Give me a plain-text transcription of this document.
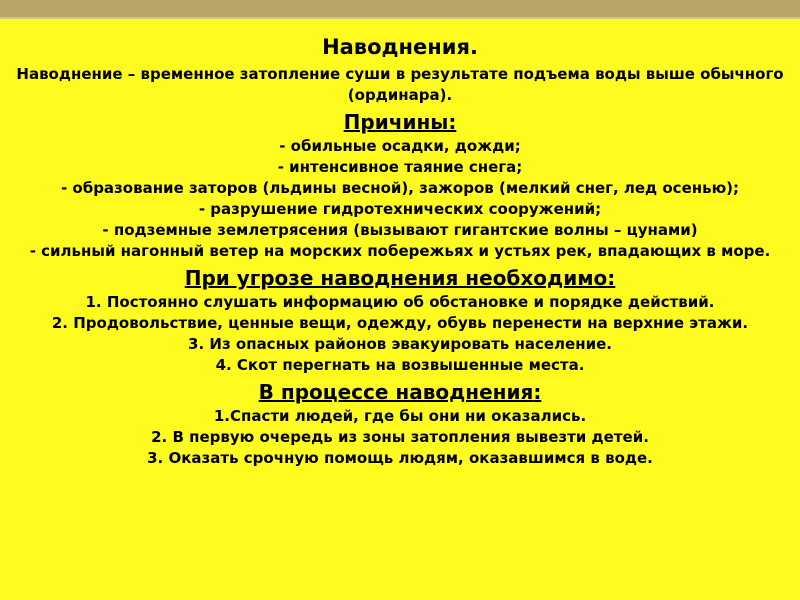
Наводнения.

Наводнение – временное затопление суши в результате подъема воды выше обычного (ординара).

Причины:
- обильные осадки, дожди;
- интенсивное таяние снега;
- образование заторов (льдины весной), зажоров (мелкий снег, лед осенью);
- разрушение гидротехнических сооружений;
- подземные землетрясения (вызывают гигантские волны – цунами)
- сильный нагонный ветер на морских побережьях и устьях рек, впадающих в море.
При угрозе наводнения необходимо:
1. Постоянно слушать информацию об обстановке и порядке действий.
2. Продовольствие, ценные вещи, одежду, обувь перенести на верхние этажи.
3. Из опасных районов эвакуировать население.
4. Скот перегнать на возвышенные места.
В процессе наводнения:
1.Спасти людей, где бы они ни оказались.
2. В первую очередь из зоны затопления вывезти детей.
3. Оказать срочную помощь людям, оказавшимся в воде.
